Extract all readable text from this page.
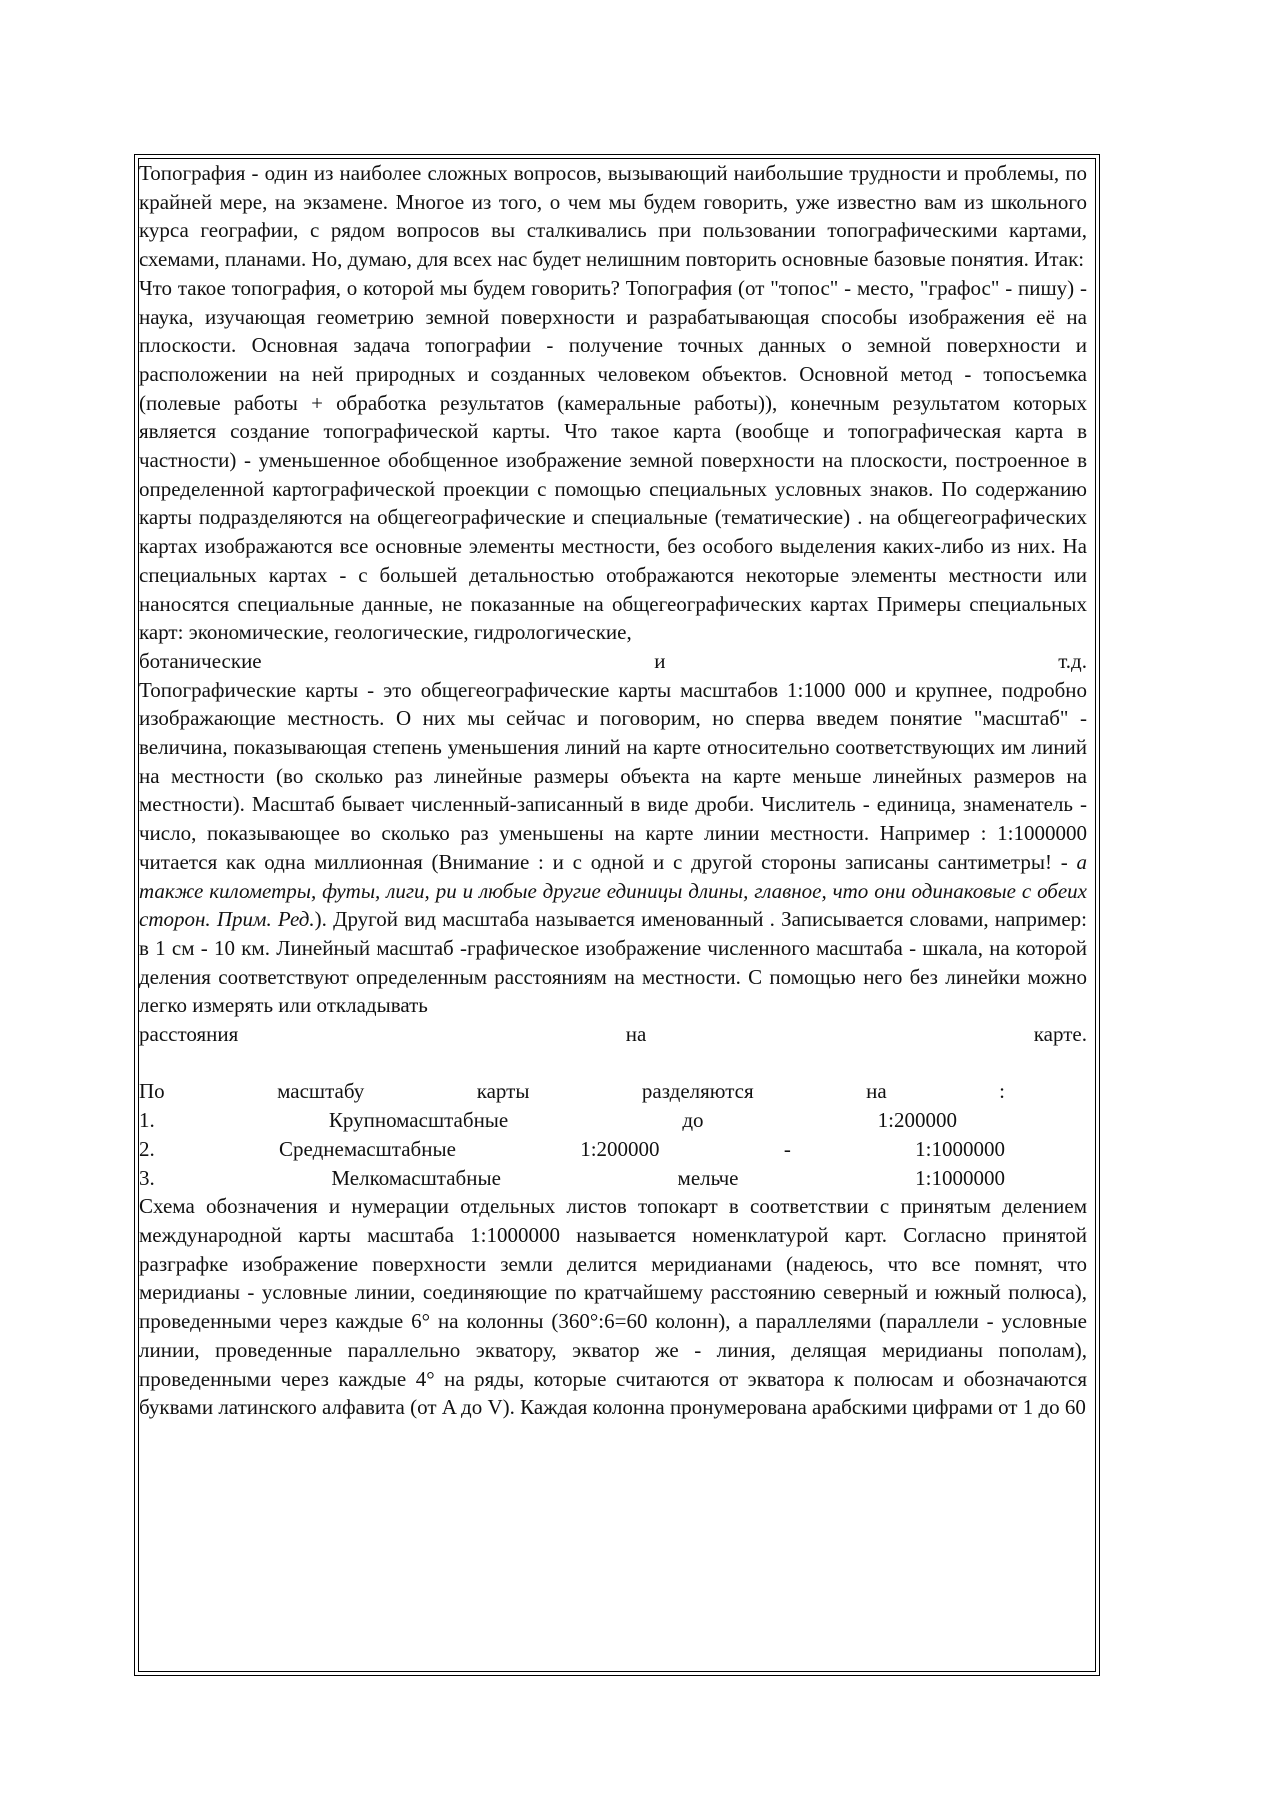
Топография - один из наиболее сложных вопросов, вызывающий наибольшие трудности и проблемы, по крайней мере, на экзамене. Многое из того, о чем мы будем говорить, уже известно вам из школьного курса географии, с рядом вопросов вы сталкивались при пользовании топографическими картами, схемами, планами. Но, думаю, для всех нас будет нелишним повторить основные базовые понятия. Итак:

Что такое топография, о которой мы будем говорить? Топография (от "топос" - место, "графос" - пишу) - наука, изучающая геометрию земной поверхности и разрабатывающая способы изображения её на плоскости. Основная задача топографии - получение точных данных о земной поверхности и расположении на ней природных и созданных человеком объектов. Основной метод - топосъемка (полевые работы + обработка результатов (камеральные работы)), конечным результатом которых является создание топографической карты. Что такое карта (вообще и топографическая карта в частности) - уменьшенное обобщенное изображение земной поверхности на плоскости, построенное в определенной картографической проекции с помощью специальных условных знаков. По содержанию карты подразделяются на общегеографические и специальные (тематические) . на общегеографических картах изображаются все основные элементы местности, без особого выделения каких-либо из них. На специальных картах - с большей детальностью отображаются некоторые элементы местности или наносятся специальные данные, не показанные на общегеографических картах Примеры специальных карт: экономические, геологические, гидрологические,

ботанические	и	т.д.

Топографические карты - это общегеографические карты масштабов 1:1000 000 и крупнее, подробно изображающие местность. О них мы сейчас и поговорим, но сперва введем понятие "масштаб" - величина, показывающая степень уменьшения линий на карте относительно соответствующих им линий на местности (во сколько раз линейные размеры объекта на карте меньше линейных размеров на местности). Масштаб бывает численный-записанный в виде дроби. Числитель - единица, знаменатель - число, показывающее во сколько раз уменьшены на карте линии местности. Например : 1:1000000 читается как одна миллионная (Внимание : и с одной и с другой стороны записаны сантиметры! - а также километры, футы, лиги, ри и любые другие единицы длины, главное, что они одинаковые с обеих сторон. Прим. Ред.). Другой вид масштаба называется именованный . Записывается словами, например: в 1 см - 10 км. Линейный масштаб -графическое изображение численного масштаба - шкала, на которой деления соответствуют определенным расстояниям на местности. С помощью него без линейки можно легко измерять или откладывать

расстояния	на	карте.
По	масштабу	карты	разделяются	на	:
1.	Крупномасштабные	до	1:200000
2.	Среднемасштабные	1:200000	-	1:1000000
3.	Мелкомасштабные	мельче	1:1000000

Схема обозначения и нумерации отдельных листов топокарт в соответствии с принятым делением международной карты масштаба 1:1000000 называется номенклатурой карт. Согласно принятой разграфке изображение поверхности земли делится меридианами (надеюсь, что все помнят, что меридианы - условные линии, соединяющие по кратчайшему расстоянию северный и южный полюса), проведенными через каждые 6° на колонны (360°:6=60 колонн), а параллелями (параллели - условные линии, проведенные параллельно экватору, экватор же - линия, делящая меридианы пополам), проведенными через каждые 4° на ряды, которые считаются от экватора к полюсам и обозначаются буквами латинского алфавита (от A до V). Каждая колонна пронумерована арабскими цифрами от 1 до 60
